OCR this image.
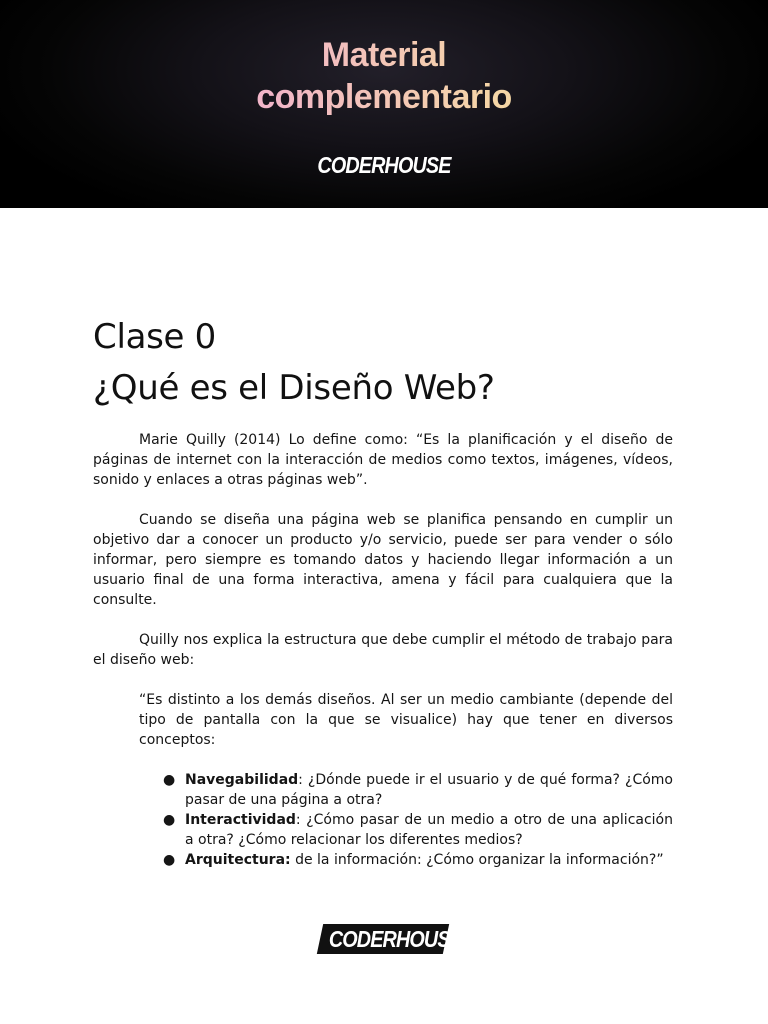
Material
complementario
CODERHOUSE
Clase 0
¿Qué es el Diseño Web?

Marie Quilly (2014) Lo define como: “Es la planificación y el diseño de páginas de internet con la interacción de medios como textos, imágenes, vídeos, sonido y enlaces a otras páginas web”.

Cuando se diseña una página web se planifica pensando en cumplir un objetivo dar a conocer un producto y/o servicio, puede ser para vender o sólo informar, pero siempre es tomando datos y haciendo llegar información a un usuario final de una forma interactiva, amena y fácil para cualquiera que la consulte.

Quilly nos explica la estructura que debe cumplir el método de trabajo para el diseño web:

“Es distinto a los demás diseños. Al ser un medio cambiante (depende del tipo de pantalla con la que se visualice) hay que tener en diversos conceptos:

● Navegabilidad: ¿Dónde puede ir el usuario y de qué forma? ¿Cómo pasar de una página a otra?
● Interactividad: ¿Cómo pasar de un medio a otro de una aplicación a otra? ¿Cómo relacionar los diferentes medios?
● Arquitectura: de la información: ¿Cómo organizar la información?”
CODERHOUSE
